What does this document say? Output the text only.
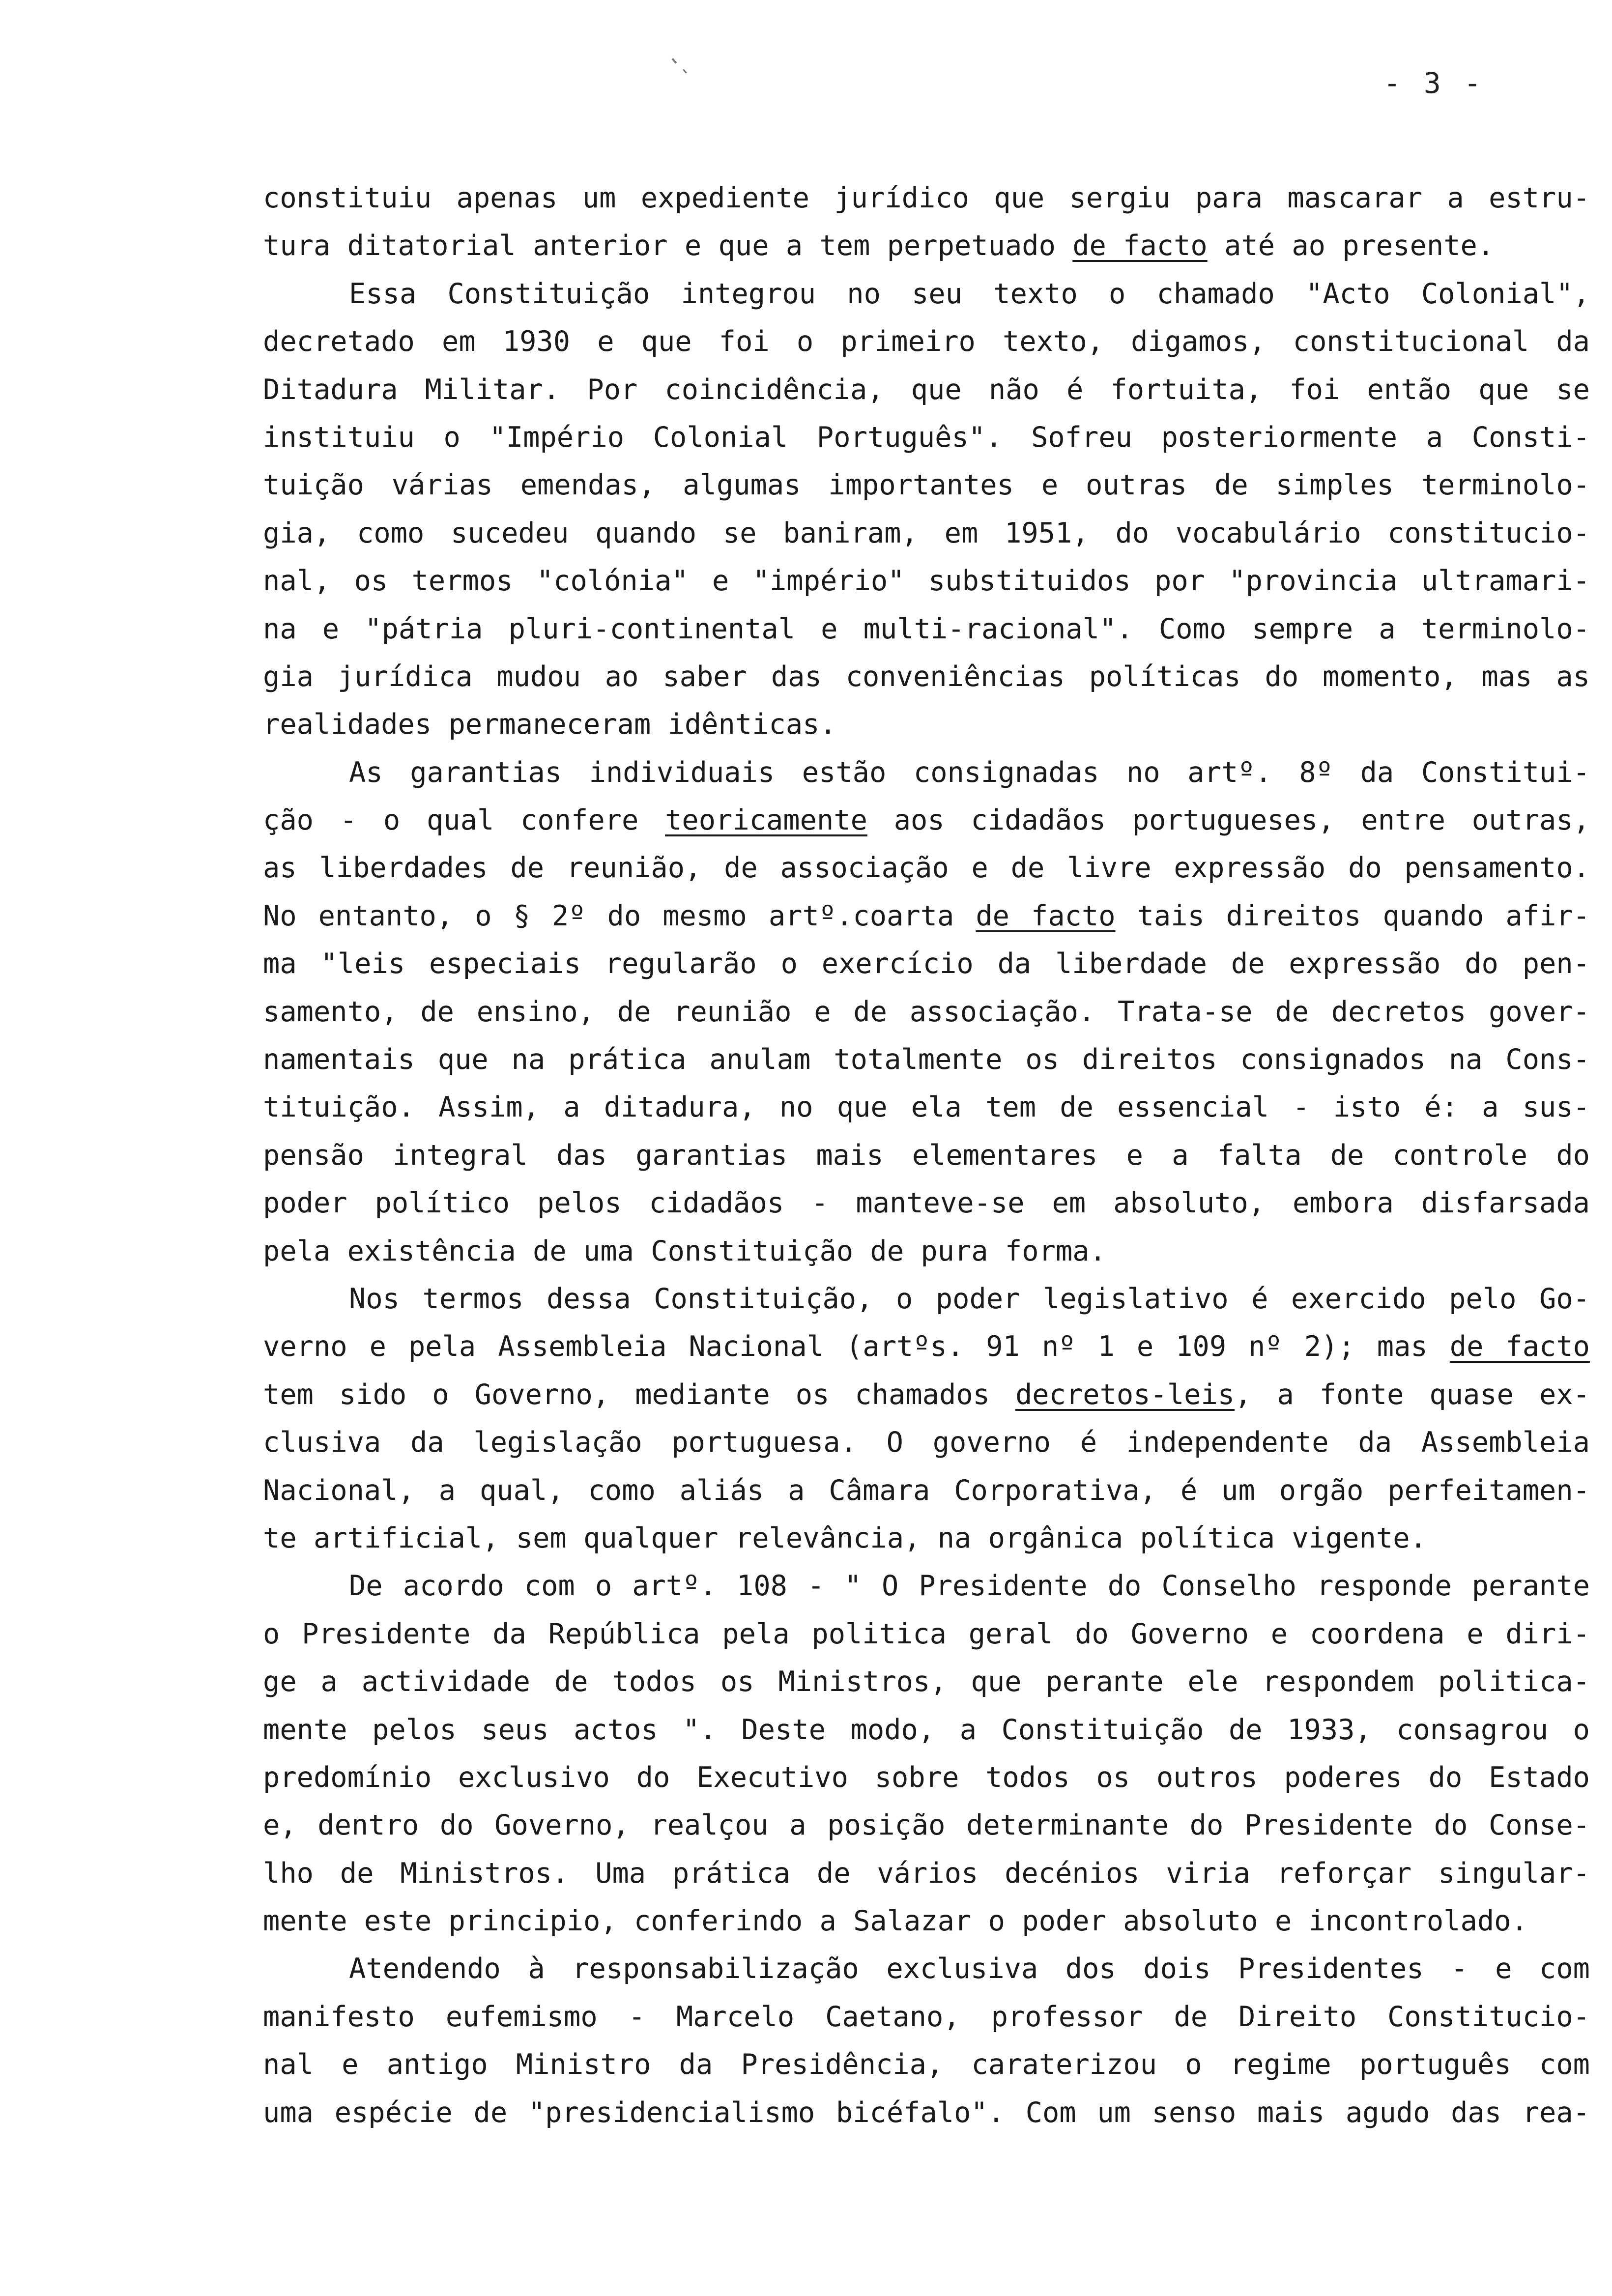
- 3 -
constituiu apenas um expediente jurídico que sergiu para mascarar a estru-
tura ditatorial anterior e que a tem perpetuado de facto até ao presente.
Essa Constituição integrou no seu texto o chamado "Acto Colonial",
decretado em 1930 e que foi o primeiro texto, digamos, constitucional da
Ditadura Militar. Por coincidência, que não é fortuita, foi então que se
instituiu o "Império Colonial Português". Sofreu posteriormente a Consti-
tuição várias emendas, algumas importantes e outras de simples terminolo-
gia, como sucedeu quando se baniram, em 1951, do vocabulário constitucio-
nal, os termos "colónia" e "império" substituidos por "provincia ultramari-
na e "pátria pluri-continental e multi-racional". Como sempre a terminolo-
gia jurídica mudou ao saber das conveniências políticas do momento, mas as
realidades permaneceram idênticas.
As garantias individuais estão consignadas no artº. 8º da Constitui-
ção - o qual confere teoricamente aos cidadãos portugueses, entre outras,
as liberdades de reunião, de associação e de livre expressão do pensamento.
No entanto, o § 2º do mesmo artº.coarta de facto tais direitos quando afir-
ma "leis especiais regularão o exercício da liberdade de expressão do pen-
samento, de ensino, de reunião e de associação. Trata-se de decretos gover-
namentais que na prática anulam totalmente os direitos consignados na Cons-
tituição. Assim, a ditadura, no que ela tem de essencial - isto é: a sus-
pensão integral das garantias mais elementares e a falta de controle do
poder político pelos cidadãos - manteve-se em absoluto, embora disfarsada
pela existência de uma Constituição de pura forma.
Nos termos dessa Constituição, o poder legislativo é exercido pelo Go-
verno e pela Assembleia Nacional (artºs. 91 nº 1 e 109 nº 2); mas de facto
tem sido o Governo, mediante os chamados decretos-leis, a fonte quase ex-
clusiva da legislação portuguesa. O governo é independente da Assembleia
Nacional, a qual, como aliás a Câmara Corporativa, é um orgão perfeitamen-
te artificial, sem qualquer relevância, na orgânica política vigente.
De acordo com o artº. 108 - " O Presidente do Conselho responde perante
o Presidente da República pela politica geral do Governo e coordena e diri-
ge a actividade de todos os Ministros, que perante ele respondem politica-
mente pelos seus actos ". Deste modo, a Constituição de 1933, consagrou o
predomínio exclusivo do Executivo sobre todos os outros poderes do Estado
e, dentro do Governo, realçou a posição determinante do Presidente do Conse-
lho de Ministros. Uma prática de vários decénios viria reforçar singular-
mente este principio, conferindo a Salazar o poder absoluto e incontrolado.
Atendendo à responsabilização exclusiva dos dois Presidentes - e com
manifesto eufemismo - Marcelo Caetano, professor de Direito Constitucio-
nal e antigo Ministro da Presidência, caraterizou o regime português com
uma espécie de "presidencialismo bicéfalo". Com um senso mais agudo das rea-
